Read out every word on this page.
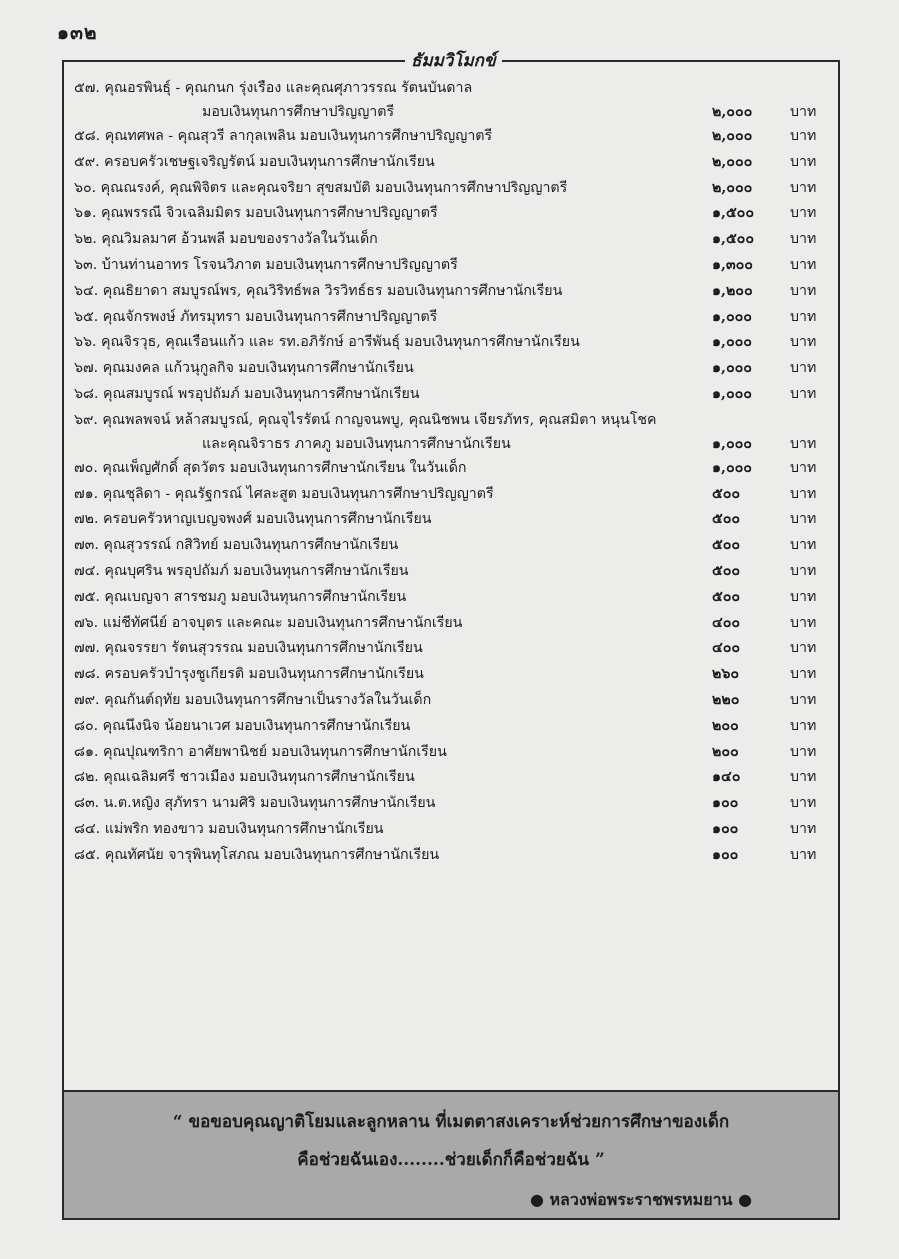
๑๓๒
ธัมมวิโมกข์
๕๗. คุณอรพินธุ์ - คุณกนก รุ่งเรือง และคุณศุภาวรรณ รัตนบันดาล
มอบเงินทุนการศึกษาปริญญาตรี	๒,๐๐๐	บาท
๕๘. คุณทศพล - คุณสุวรี ลากุลเพลิน มอบเงินทุนการศึกษาปริญญาตรี	๒,๐๐๐	บาท
๕๙. ครอบครัวเชษฐเจริญรัตน์ มอบเงินทุนการศึกษานักเรียน	๒,๐๐๐	บาท
๖๐. คุณณรงค์, คุณพิจิตร และคุณจริยา สุขสมบัติ มอบเงินทุนการศึกษาปริญญาตรี	๒,๐๐๐	บาท
๖๑. คุณพรรณี จิวเฉลิมมิตร มอบเงินทุนการศึกษาปริญญาตรี	๑,๕๐๐	บาท
๖๒. คุณวิมลมาศ อ้วนพลี มอบของรางวัลในวันเด็ก	๑,๕๐๐	บาท
๖๓. บ้านท่านอาทร โรจนวิภาต มอบเงินทุนการศึกษาปริญญาตรี	๑,๓๐๐	บาท
๖๔. คุณธิยาดา สมบูรณ์พร, คุณวิริทธ์พล วิรวิทธ์ธร มอบเงินทุนการศึกษานักเรียน	๑,๒๐๐	บาท
๖๕. คุณจักรพงษ์ ภัทรมุทรา มอบเงินทุนการศึกษาปริญญาตรี	๑,๐๐๐	บาท
๖๖. คุณจิรวุธ, คุณเรือนแก้ว และ รท.อภิรักษ์ อารีพันธุ์ มอบเงินทุนการศึกษานักเรียน	๑,๐๐๐	บาท
๖๗. คุณมงคล แก้วนุกูลกิจ มอบเงินทุนการศึกษานักเรียน	๑,๐๐๐	บาท
๖๘. คุณสมบูรณ์ พรอุปถัมภ์ มอบเงินทุนการศึกษานักเรียน	๑,๐๐๐	บาท
๖๙. คุณพลพจน์ หล้าสมบูรณ์, คุณจุไรรัตน์ กาญจนพบู, คุณนิชพน เจียรภัทร, คุณสมิตา หนุนโชค
และคุณจิราธร ภาคภู มอบเงินทุนการศึกษานักเรียน	๑,๐๐๐	บาท
๗๐. คุณเพ็ญศักดิ์ สุดวัตร มอบเงินทุนการศึกษานักเรียน ในวันเด็ก	๑,๐๐๐	บาท
๗๑. คุณชุลิดา - คุณรัฐกรณ์ ไศละสูต มอบเงินทุนการศึกษาปริญญาตรี	๕๐๐	บาท
๗๒. ครอบครัวหาญเบญจพงศ์ มอบเงินทุนการศึกษานักเรียน	๕๐๐	บาท
๗๓. คุณสุวรรณ์ กสิวิทย์ มอบเงินทุนการศึกษานักเรียน	๕๐๐	บาท
๗๔. คุณบุศริน พรอุปถัมภ์ มอบเงินทุนการศึกษานักเรียน	๕๐๐	บาท
๗๕. คุณเบญจา สารชมภู มอบเงินทุนการศึกษานักเรียน	๕๐๐	บาท
๗๖. แม่ชีทัศนีย์ อาจบุตร และคณะ มอบเงินทุนการศึกษานักเรียน	๔๐๐	บาท
๗๗. คุณจรรยา รัตนสุวรรณ มอบเงินทุนการศึกษานักเรียน	๔๐๐	บาท
๗๘. ครอบครัวบำรุงชูเกียรติ มอบเงินทุนการศึกษานักเรียน	๒๖๐	บาท
๗๙. คุณกันต์ฤทัย มอบเงินทุนการศึกษาเป็นรางวัลในวันเด็ก	๒๒๐	บาท
๘๐. คุณนึงนิจ น้อยนาเวศ มอบเงินทุนการศึกษานักเรียน	๒๐๐	บาท
๘๑. คุณปุณฑริกา อาศัยพานิชย์ มอบเงินทุนการศึกษานักเรียน	๒๐๐	บาท
๘๒. คุณเฉลิมศรี ชาวเมือง มอบเงินทุนการศึกษานักเรียน	๑๔๐	บาท
๘๓. น.ต.หญิง สุภัทรา นามศิริ มอบเงินทุนการศึกษานักเรียน	๑๐๐	บาท
๘๔. แม่พริก ทองขาว มอบเงินทุนการศึกษานักเรียน	๑๐๐	บาท
๘๕. คุณทัศนัย จารุพินทุโสภณ มอบเงินทุนการศึกษานักเรียน	๑๐๐	บาท
“ ขอขอบคุณญาติโยมและลูกหลาน ที่เมตตาสงเคราะห์ช่วยการศึกษาของเด็ก
คือช่วยฉันเอง........ช่วยเด็กก็คือช่วยฉัน ”
● หลวงพ่อพระราชพรหมยาน ●
